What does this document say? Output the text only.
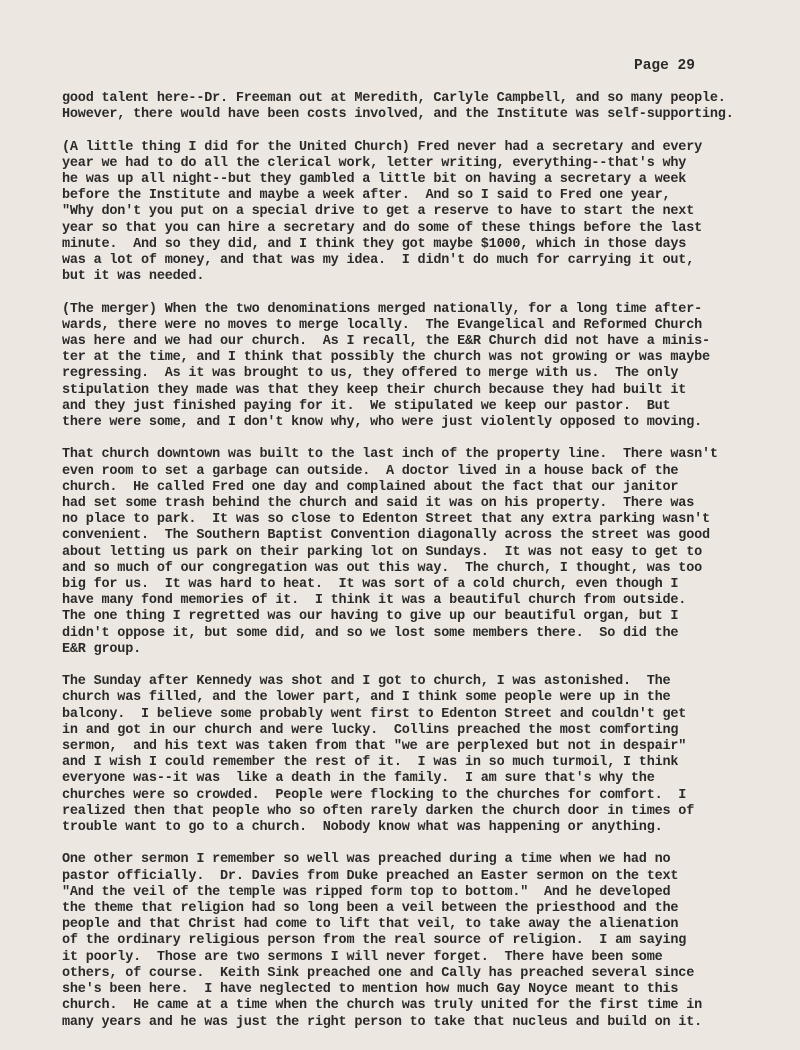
Page 29
good talent here--Dr. Freeman out at Meredith, Carlyle Campbell, and so many people.
However, there would have been costs involved, and the Institute was self-supporting.
(A little thing I did for the United Church) Fred never had a secretary and every
year we had to do all the clerical work, letter writing, everything--that's why
he was up all night--but they gambled a little bit on having a secretary a week
before the Institute and maybe a week after.  And so I said to Fred one year,
"Why don't you put on a special drive to get a reserve to have to start the next
year so that you can hire a secretary and do some of these things before the last
minute.  And so they did, and I think they got maybe $1000, which in those days
was a lot of money, and that was my idea.  I didn't do much for carrying it out,
but it was needed.
(The merger) When the two denominations merged nationally, for a long time after-
wards, there were no moves to merge locally.  The Evangelical and Reformed Church
was here and we had our church.  As I recall, the E&R Church did not have a minis-
ter at the time, and I think that possibly the church was not growing or was maybe
regressing.  As it was brought to us, they offered to merge with us.  The only
stipulation they made was that they keep their church because they had built it
and they just finished paying for it.  We stipulated we keep our pastor.  But
there were some, and I don't know why, who were just violently opposed to moving.
That church downtown was built to the last inch of the property line.  There wasn't
even room to set a garbage can outside.  A doctor lived in a house back of the
church.  He called Fred one day and complained about the fact that our janitor
had set some trash behind the church and said it was on his property.  There was
no place to park.  It was so close to Edenton Street that any extra parking wasn't
convenient.  The Southern Baptist Convention diagonally across the street was good
about letting us park on their parking lot on Sundays.  It was not easy to get to
and so much of our congregation was out this way.  The church, I thought, was too
big for us.  It was hard to heat.  It was sort of a cold church, even though I
have many fond memories of it.  I think it was a beautiful church from outside.
The one thing I regretted was our having to give up our beautiful organ, but I
didn't oppose it, but some did, and so we lost some members there.  So did the
E&R group.
The Sunday after Kennedy was shot and I got to church, I was astonished.  The
church was filled, and the lower part, and I think some people were up in the
balcony.  I believe some probably went first to Edenton Street and couldn't get
in and got in our church and were lucky.  Collins preached the most comforting
sermon,  and his text was taken from that "we are perplexed but not in despair"
and I wish I could remember the rest of it.  I was in so much turmoil, I think
everyone was--it was  like a death in the family.  I am sure that's why the
churches were so crowded.  People were flocking to the churches for comfort.  I
realized then that people who so often rarely darken the church door in times of
trouble want to go to a church.  Nobody know what was happening or anything.
One other sermon I remember so well was preached during a time when we had no
pastor officially.  Dr. Davies from Duke preached an Easter sermon on the text
"And the veil of the temple was ripped form top to bottom."  And he developed
the theme that religion had so long been a veil between the priesthood and the
people and that Christ had come to lift that veil, to take away the alienation
of the ordinary religious person from the real source of religion.  I am saying
it poorly.  Those are two sermons I will never forget.  There have been some
others, of course.  Keith Sink preached one and Cally has preached several since
she's been here.  I have neglected to mention how much Gay Noyce meant to this
church.  He came at a time when the church was truly united for the first time in
many years and he was just the right person to take that nucleus and build on it.
